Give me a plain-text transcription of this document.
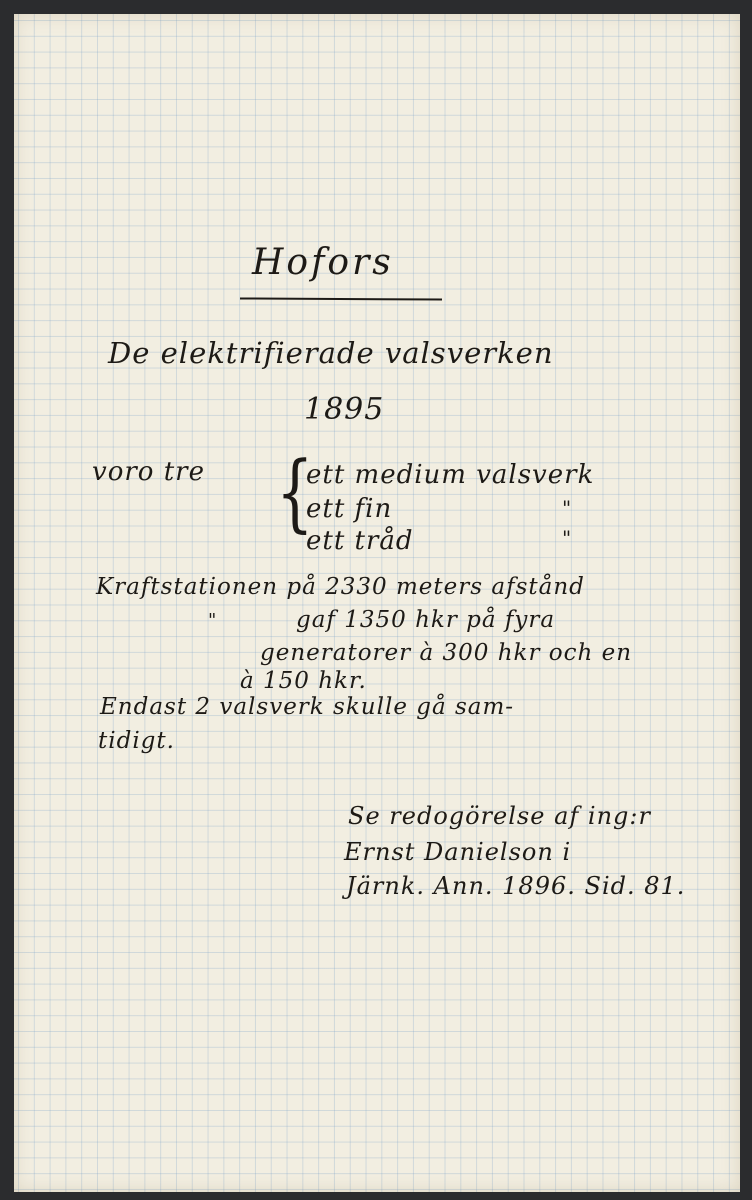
Hofors
De elektrifierade valsverken
1895
voro tre {
ett medium valsverk
ett fin
ett tråd
"
"
Kraftstationen på 2330 meters afstånd
"	gaf 1350 hkr på fyra
generatorer à 300 hkr och en
à 150 hkr.
Endast 2 valsverk skulle gå sam-
tidigt.
Se redogörelse af ing:r
Ernst Danielson i
Järnk. Ann. 1896. Sid. 81.
